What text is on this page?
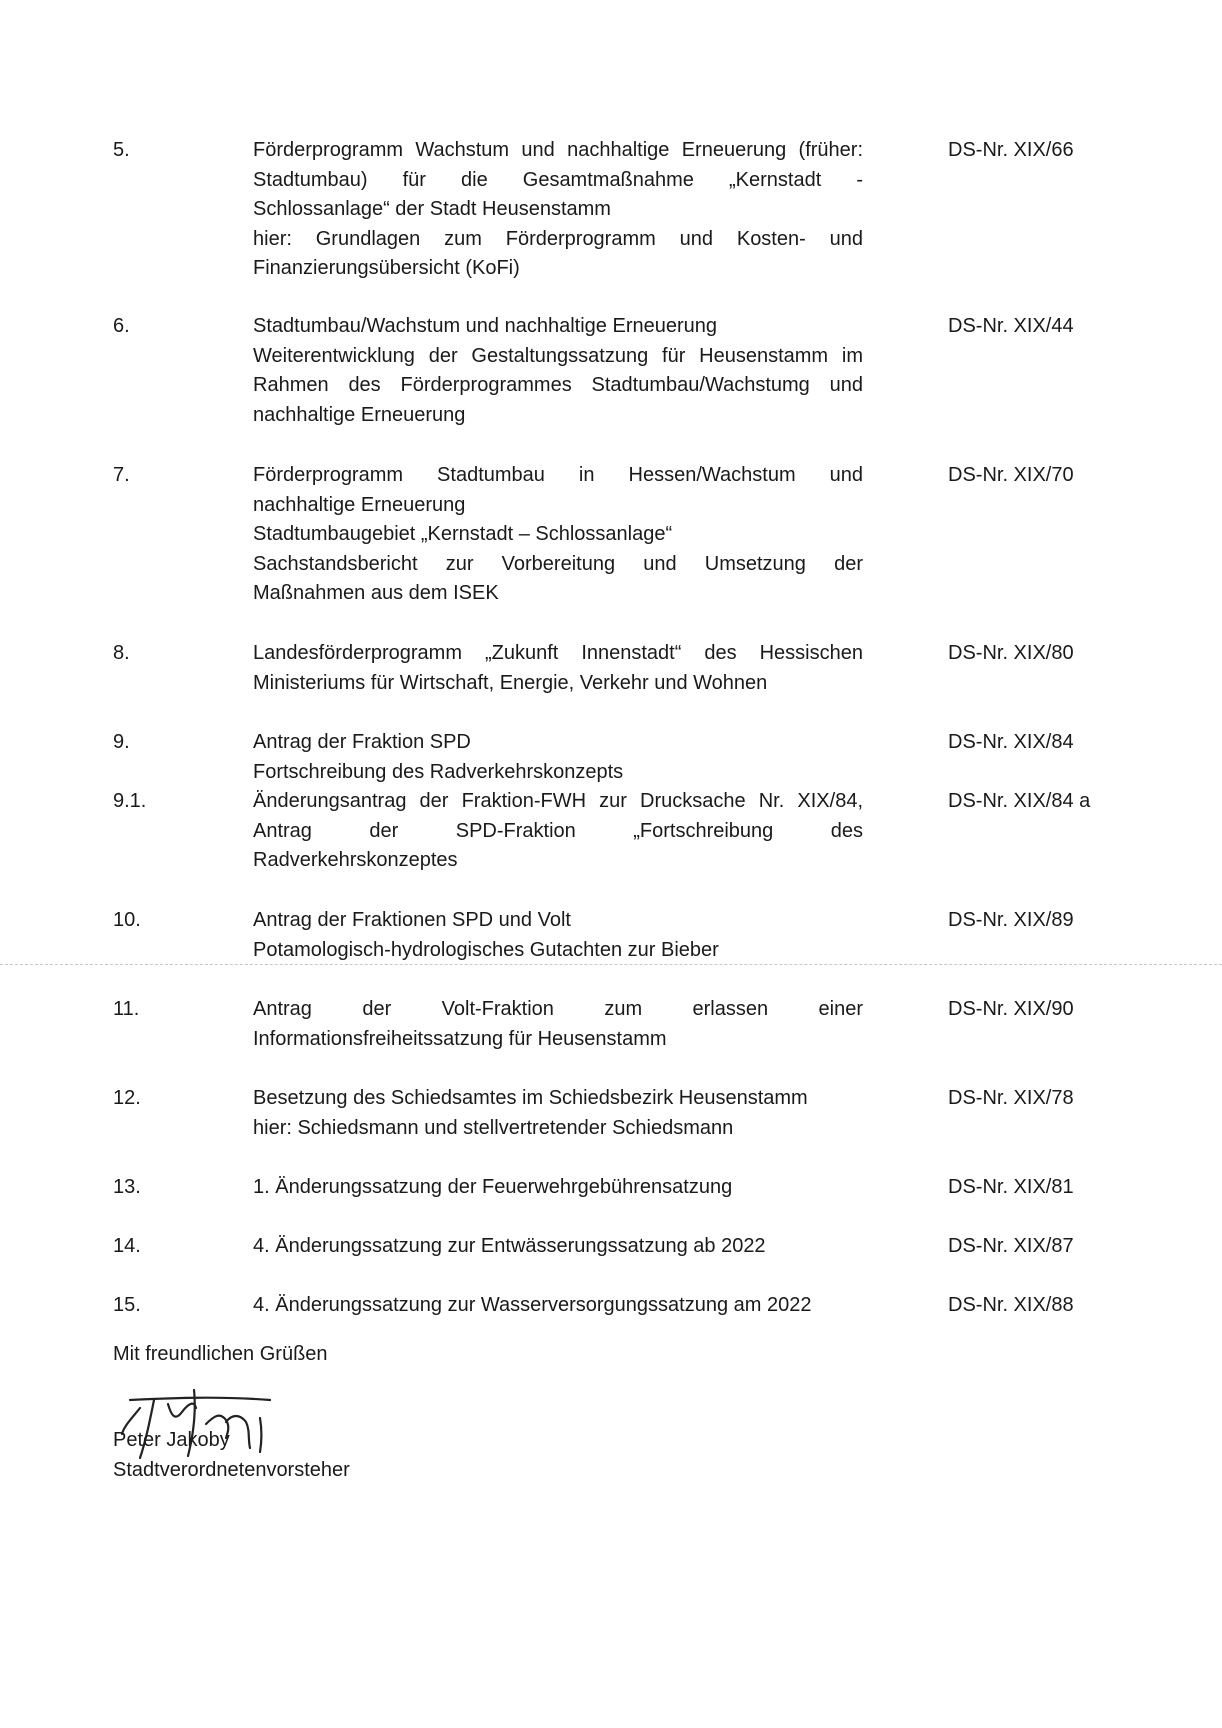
5.	Förderprogramm Wachstum und nachhaltige Erneuerung (früher:
Stadtumbau) für die Gesamtmaßnahme „Kernstadt -
Schlossanlage“ der Stadt Heusenstamm
hier: Grundlagen zum Förderprogramm und Kosten- und
Finanzierungsübersicht (KoFi)
DS-Nr. XIX/66
6.	Stadtumbau/Wachstum und nachhaltige Erneuerung
Weiterentwicklung der Gestaltungssatzung für Heusenstamm im
Rahmen des Förderprogrammes Stadtumbau/Wachstumg und
nachhaltige Erneuerung
DS-Nr. XIX/44
7.	Förderprogramm Stadtumbau in Hessen/Wachstum und
nachhaltige Erneuerung
Stadtumbaugebiet „Kernstadt – Schlossanlage“
Sachstandsbericht zur Vorbereitung und Umsetzung der
Maßnahmen aus dem ISEK
DS-Nr. XIX/70
8.	Landesförderprogramm „Zukunft Innenstadt“ des Hessischen
Ministeriums für Wirtschaft, Energie, Verkehr und Wohnen
DS-Nr. XIX/80
9.	Antrag der Fraktion SPD
Fortschreibung des Radverkehrskonzepts
DS-Nr. XIX/84
9.1.	Änderungsantrag der Fraktion-FWH zur Drucksache Nr. XIX/84,
Antrag der SPD-Fraktion „Fortschreibung des
Radverkehrskonzeptes
DS-Nr. XIX/84 a
10.	Antrag der Fraktionen SPD und Volt
Potamologisch-hydrologisches Gutachten zur Bieber
DS-Nr. XIX/89
11.	Antrag der Volt-Fraktion zum erlassen einer
Informationsfreiheitssatzung für Heusenstamm
DS-Nr. XIX/90
12.	Besetzung des Schiedsamtes im Schiedsbezirk Heusenstamm
hier: Schiedsmann und stellvertretender Schiedsmann
DS-Nr. XIX/78
13.	1. Änderungssatzung der Feuerwehrgebührensatzung	DS-Nr. XIX/81
14.	4. Änderungssatzung zur Entwässerungssatzung ab 2022	DS-Nr. XIX/87
15.	4. Änderungssatzung zur Wasserversorgungssatzung am 2022	DS-Nr. XIX/88
Mit freundlichen Grüßen
Peter Jakoby
Stadtverordnetenvorsteher
